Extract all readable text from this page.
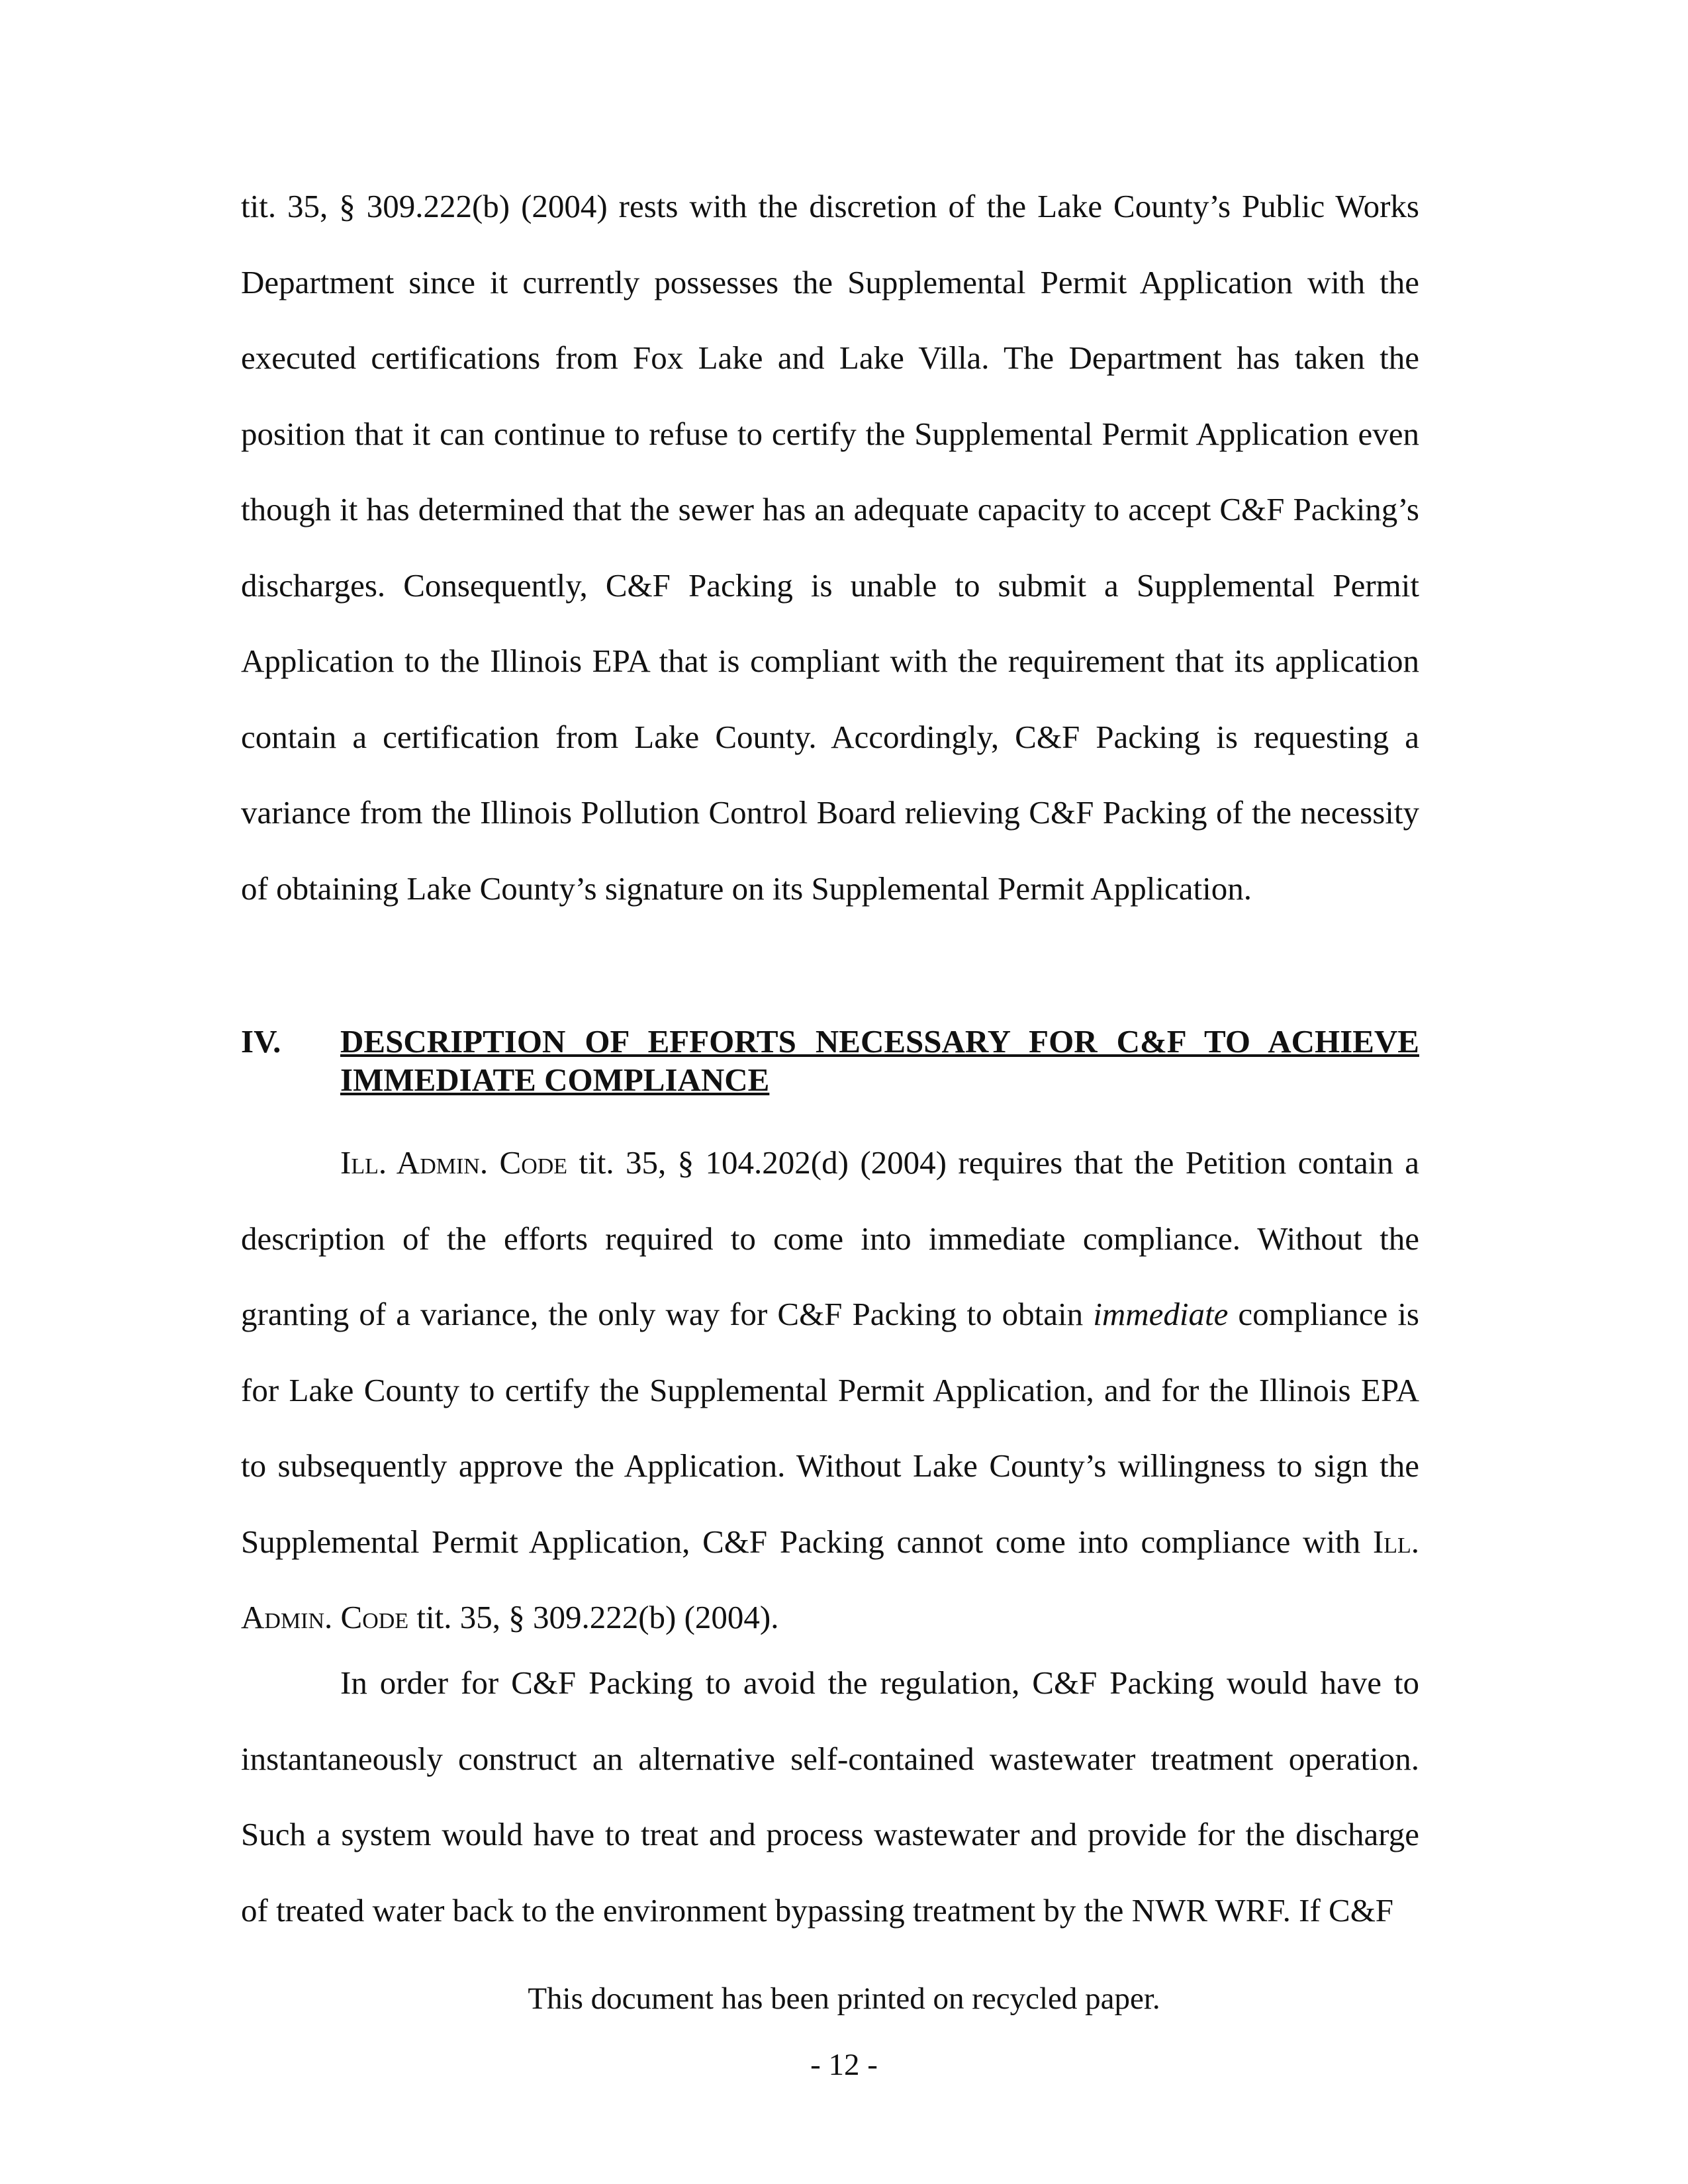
tit. 35, § 309.222(b) (2004) rests with the discretion of the Lake County’s Public Works Department since it currently possesses the Supplemental Permit Application with the executed certifications from Fox Lake and Lake Villa. The Department has taken the position that it can continue to refuse to certify the Supplemental Permit Application even though it has determined that the sewer has an adequate capacity to accept C&F Packing’s discharges. Consequently, C&F Packing is unable to submit a Supplemental Permit Application to the Illinois EPA that is compliant with the requirement that its application contain a certification from Lake County. Accordingly, C&F Packing is requesting a variance from the Illinois Pollution Control Board relieving C&F Packing of the necessity of obtaining Lake County’s signature on its Supplemental Permit Application.

IV. DESCRIPTION OF EFFORTS NECESSARY FOR C&F TO ACHIEVE IMMEDIATE COMPLIANCE

Ill. Admin. Code tit. 35, § 104.202(d) (2004) requires that the Petition contain a description of the efforts required to come into immediate compliance. Without the granting of a variance, the only way for C&F Packing to obtain immediate compliance is for Lake County to certify the Supplemental Permit Application, and for the Illinois EPA to subsequently approve the Application. Without Lake County’s willingness to sign the Supplemental Permit Application, C&F Packing cannot come into compliance with Ill. Admin. Code tit. 35, § 309.222(b) (2004).

In order for C&F Packing to avoid the regulation, C&F Packing would have to instantaneously construct an alternative self-contained wastewater treatment operation. Such a system would have to treat and process wastewater and provide for the discharge of treated water back to the environment bypassing treatment by the NWR WRF. If C&F

This document has been printed on recycled paper.

- 12 -
